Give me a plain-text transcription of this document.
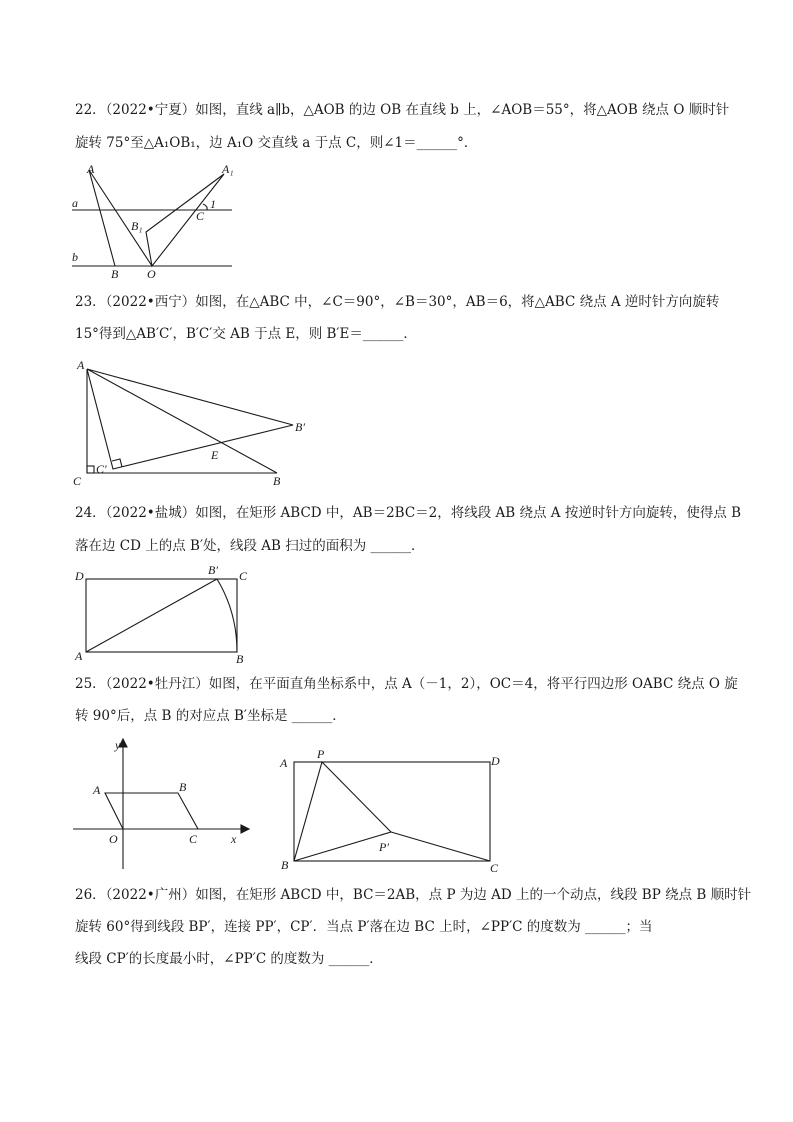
22．（2022•宁夏）如图，直线 a∥b，△AOB 的边 OB 在直线 b 上，∠AOB＝55°，将△AOB 绕点 O 顺时针
旋转 75°至△A₁OB₁，边 A₁O 交直线 a 于点 C，则∠1＝______°．
A	A₁
a
b
B O
B₁
C
1
23．（2022•西宁）如图，在△ABC 中，∠C＝90°，∠B＝30°，AB＝6，将△ABC 绕点 A 逆时针方向旋转
15°得到△AB′C′，B′C′交 AB 于点 E，则 B′E＝______．
A
B′
E
C
C′
B
24．（2022•盐城）如图，在矩形 ABCD 中，AB＝2BC＝2，将线段 AB 绕点 A 按逆时针方向旋转，使得点 B
落在边 CD 上的点 B′处，线段 AB 扫过的面积为 ______．
D	B′ C
A	B
25．（2022•牡丹江）如图，在平面直角坐标系中，点 A（－1，2），OC＝4，将平行四边形 OABC 绕点 O 旋
转 90°后，点 B 的对应点 B′坐标是 ______．
y
A	B
O	C	x
A
P	D
P′
B	C
26．（2022•广州）如图，在矩形 ABCD 中，BC＝2AB，点 P 为边 AD 上的一个动点，线段 BP 绕点 B 顺时针
旋转 60°得到线段 BP′，连接 PP′，CP′．当点 P′落在边 BC 上时，∠PP′C 的度数为 ______；当
线段 CP′的长度最小时，∠PP′C 的度数为 ______．
